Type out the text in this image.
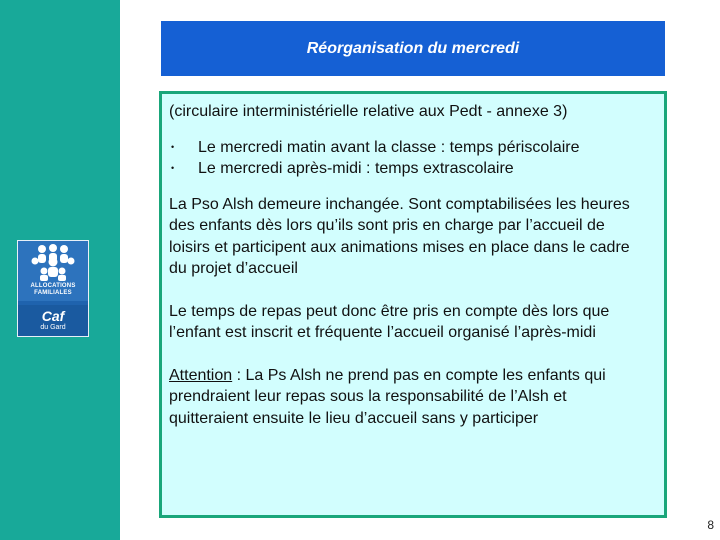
ALLOCATIONS
FAMILIALES
Caf
du Gard
Réorganisation du mercredi

(circulaire interministérielle relative aux Pedt - annexe 3)

• Le mercredi matin avant la classe : temps périscolaire
• Le mercredi après-midi : temps extrascolaire

La Pso Alsh demeure inchangée. Sont comptabilisées les heures des enfants dès lors qu’ils sont pris en charge par l’accueil de loisirs et participent aux animations mises en place dans le cadre du projet d’accueil

Le temps de repas peut donc être pris en compte dès lors que l’enfant est inscrit et fréquente l’accueil organisé l’après-midi

Attention : La Ps Alsh ne prend pas en compte les enfants qui prendraient leur repas sous la responsabilité de l’Alsh et quitteraient ensuite le lieu d’accueil sans y participer

8
